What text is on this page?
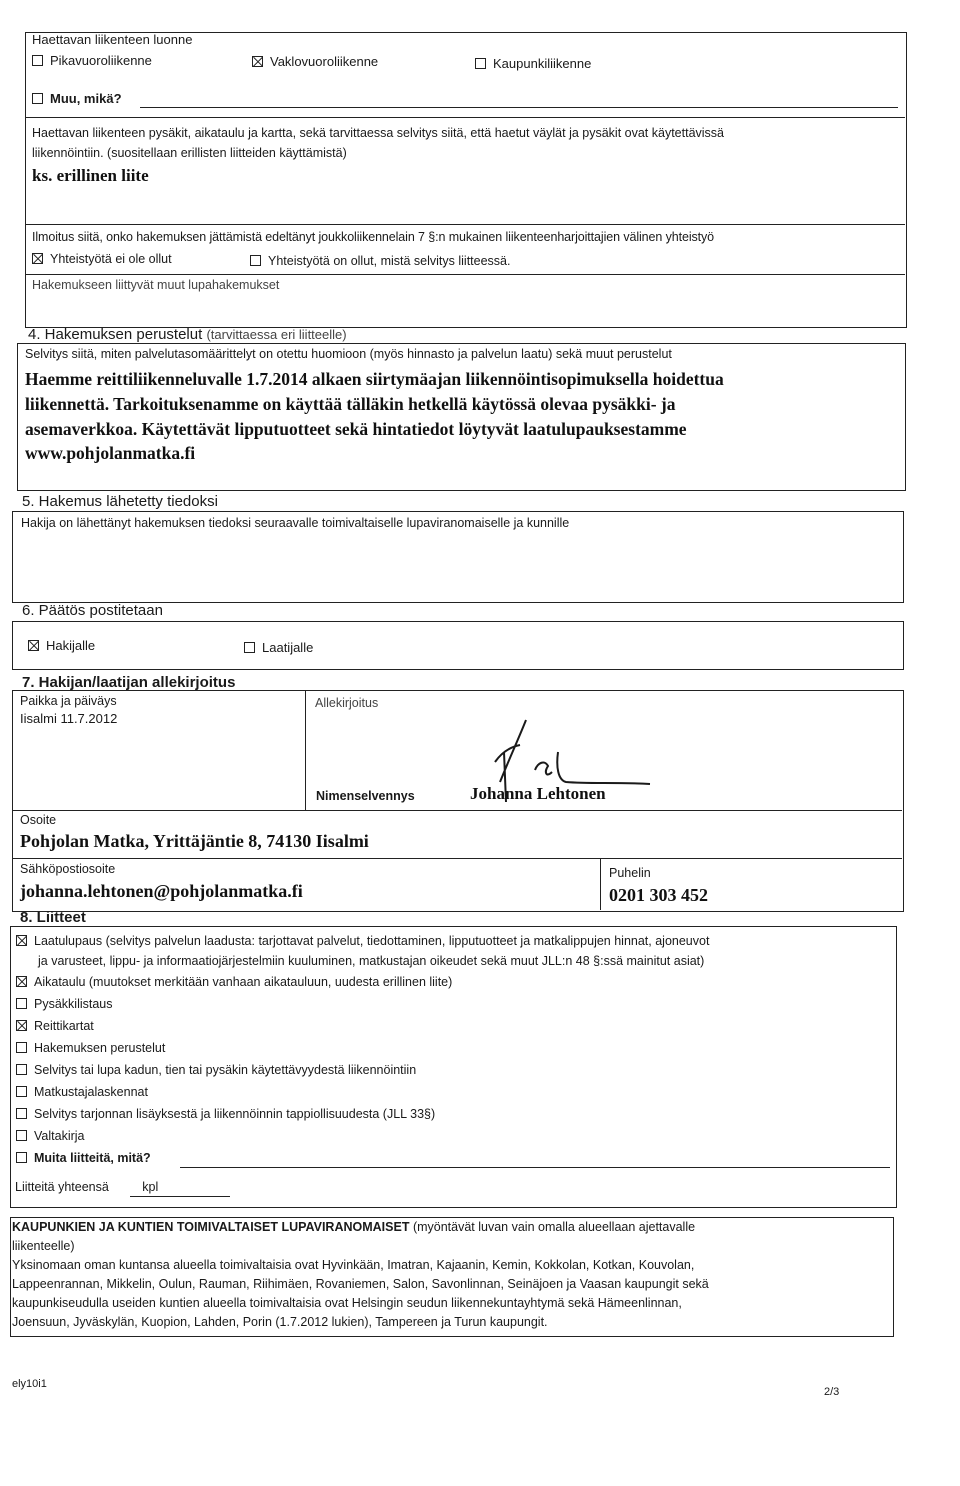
Haettavan liikenteen luonne
Pikavuoroliikenne	Vaklovuoroliikenne	Kaupunkiliikenne
Muu, mikä?
Haettavan liikenteen pysäkit, aikataulu ja kartta, sekä tarvittaessa selvitys siitä, että haetut väylät ja pysäkit ovat käytettävissä
liikennöintiin. (suositellaan erillisten liitteiden käyttämistä)
ks. erillinen liite
Ilmoitus siitä, onko hakemuksen jättämistä edeltänyt joukkoliikennelain 7 §:n mukainen liikenteenharjoittajien välinen yhteistyö
Yhteistyötä ei ole ollut	Yhteistyötä on ollut, mistä selvitys liitteessä.
Hakemukseen liittyvät muut lupahakemukset
4. Hakemuksen perustelut (tarvittaessa eri liitteelle)
Selvitys siitä, miten palvelutasomäärittelyt on otettu huomioon (myös hinnasto ja palvelun laatu) sekä muut perustelut
Haemme reittiliikenneluvalle 1.7.2014 alkaen siirtymäajan liikennöintisopimuksella hoidettua
liikennettä. Tarkoituksenamme on käyttää tälläkin hetkellä käytössä olevaa pysäkki- ja
asemaverkkoa. Käytettävät lipputuotteet sekä hintatiedot löytyvät laatulupauksestamme
www.pohjolanmatka.fi
5. Hakemus lähetetty tiedoksi
Hakija on lähettänyt hakemuksen tiedoksi seuraavalle toimivaltaiselle lupaviranomaiselle ja kunnille
6. Päätös postitetaan
Hakijalle	Laatijalle
7. Hakijan/laatijan allekirjoitus
Paikka ja päiväys
Iisalmi 11.7.2012
Allekirjoitus
Nimenselvennys	Johanna Lehtonen
Osoite
Pohjolan Matka, Yrittäjäntie 8, 74130 Iisalmi
Sähköpostiosoite
johanna.lehtonen@pohjolanmatka.fi
Puhelin
0201 303 452
8. Liitteet
Laatulupaus (selvitys palvelun laadusta: tarjottavat palvelut, tiedottaminen, lipputuotteet ja matkalippujen hinnat, ajoneuvot
ja varusteet, lippu- ja informaatiojärjestelmiin kuuluminen, matkustajan oikeudet sekä muut JLL:n 48 §:ssä mainitut asiat)
Aikataulu (muutokset merkitään vanhaan aikatauluun, uudesta erillinen liite)
Pysäkkilistaus
Reittikartat
Hakemuksen perustelut
Selvitys tai lupa kadun, tien tai pysäkin käytettävyydestä liikennöintiin
Matkustajalaskennat
Selvitys tarjonnan lisäyksestä ja liikennöinnin tappiollisuudesta (JLL 33§)
Valtakirja
Muita liitteitä, mitä?
Liitteitä yhteensä	kpl
KAUPUNKIEN JA KUNTIEN TOIMIVALTAISET LUPAVIRANOMAISET (myöntävät luvan vain omalla alueellaan ajettavalle
liikenteelle)
Yksinomaan oman kuntansa alueella toimivaltaisia ovat Hyvinkään, Imatran, Kajaanin, Kemin, Kokkolan, Kotkan, Kouvolan,
Lappeenrannan, Mikkelin, Oulun, Rauman, Riihimäen, Rovaniemen, Salon, Savonlinnan, Seinäjoen ja Vaasan kaupungit sekä
kaupunkiseudulla useiden kuntien alueella toimivaltaisia ovat Helsingin seudun liikennekuntayhtymä sekä Hämeenlinnan,
Joensuun, Jyväskylän, Kuopion, Lahden, Porin (1.7.2012 lukien), Tampereen ja Turun kaupungit.
ely10i1
2/3
